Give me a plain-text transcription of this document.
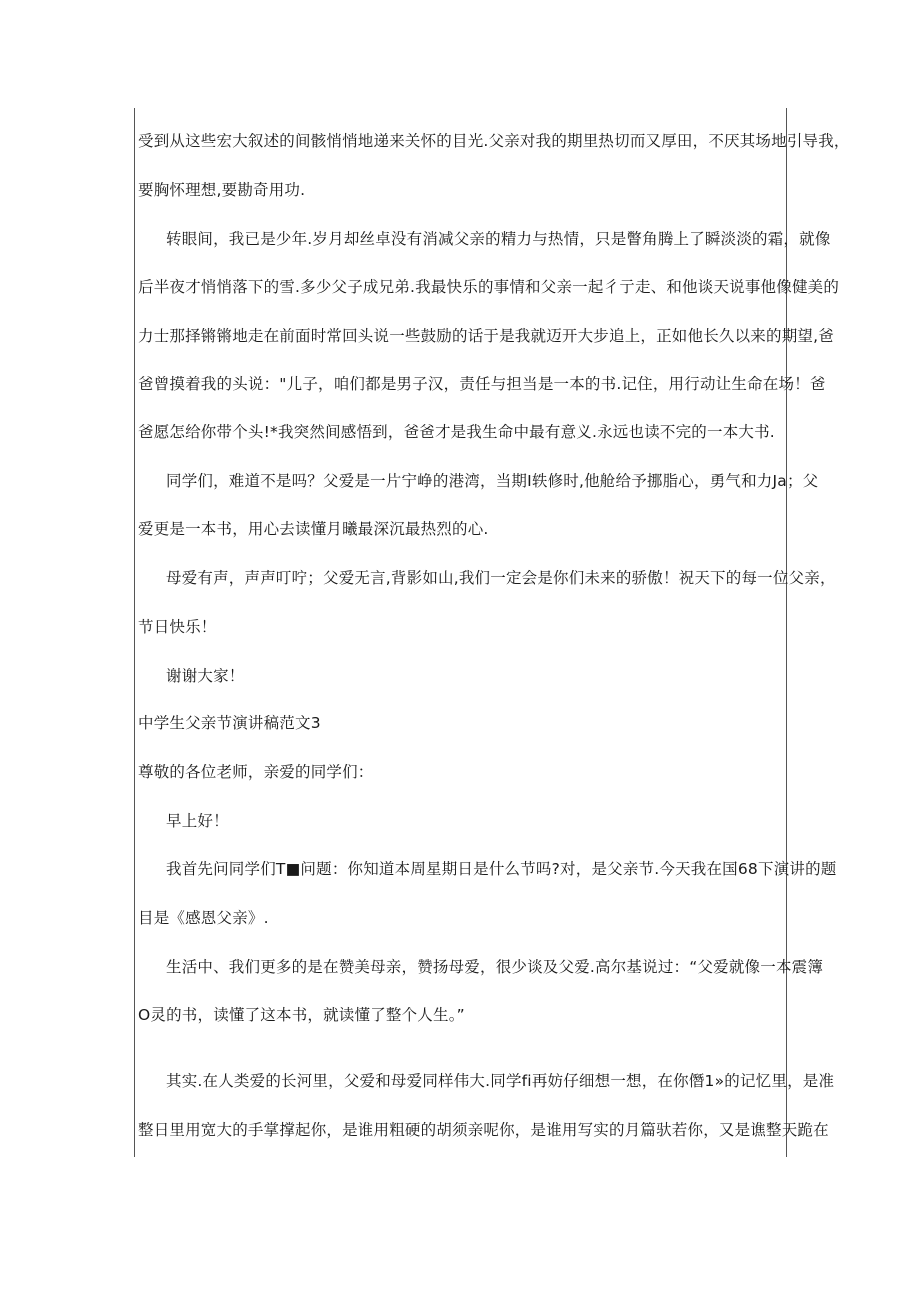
受到从这些宏大叙述的间骸悄悄地递来关怀的目光.父亲对我的期里热切而又厚田，不厌其场地引导我，
要胸怀理想,要勘奇用功.
转眼间，我已是少年.岁月却丝卓没有消减父亲的精力与热情，只是瞥角腾上了瞬淡淡的霜，就像
后半夜才悄悄落下的雪.多少父子成兄弟.我最快乐的事情和父亲一起彳亍走、和他谈天说事他像健美的
力士那择锵锵地走在前面时常回头说一些鼓励的话于是我就迈开大步追上，正如他长久以来的期望,爸
爸曾摸着我的头说："儿子，咱们都是男子汉，责任与担当是一本的书.记住，用行动让生命在场！爸
爸愿怎给你带个头!*我突然间感悟到，爸爸才是我生命中最有意义.永远也读不完的一本大书.
同学们，难道不是吗？父爱是一片宁峥的港湾，当期I轶修时,他舱给予挪脂心，勇气和力Ja；父
爱更是一本书，用心去读懂月曦最深沉最热烈的心.
母爱有声，声声叮咛；父爱无言,背影如山,我们一定会是你们未来的骄傲！祝天下的每一位父亲，
节日快乐！
谢谢大家！
中学生父亲节演讲稿范文3
尊敬的各位老师，亲爱的同学们：
早上好！
我首先问同学们T■问题：你知道本周星期日是什么节吗?对，是父亲节.今天我在国68下演讲的题
目是《感恩父亲》.
生活中、我们更多的是在赞美母亲，赞扬母爱，很少谈及父爱.高尔基说过：“父爱就像一本震簿
O灵的书，读懂了这本书，就读懂了整个人生。”
其实.在人类爱的长河里，父爱和母爱同样伟大.同学fi再妨仔细想一想，在你僭1»的记忆里，是准
整日里用宽大的手掌撑起你，是谁用粗硬的胡须亲呢你，是谁用写实的月篇驮若你，又是谯整天跪在
